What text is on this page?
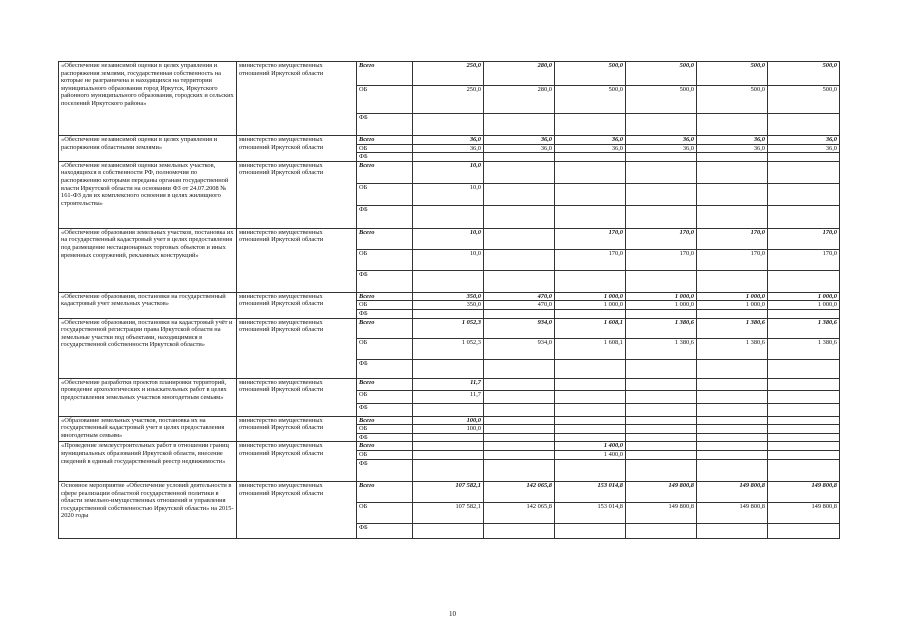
«Обеспечение независимой оценки в целях управления и распоряжения землями, государственная собственность на которые не разграничена и находящихся на территории муниципального образования город Иркутск, Иркутского районного муниципального образования, городских и сельских поселений Иркутского района»	министерство имущественных отношений Иркутской области	Всего	250,0	280,0	500,0	500,0	500,0	500,0
		ОБ	250,0	280,0	500,0	500,0	500,0	500,0
		ФБ						
«Обеспечение независимой оценки в целях управления и распоряжения областными землями»	министерство имущественных отношений Иркутской области	Всего	36,0	36,0	36,0	36,0	36,0	36,0
		ОБ	36,0	36,0	36,0	36,0	36,0	36,0
		ФБ						
«Обеспечение независимой оценки земельных участков, находящихся в собственности РФ, полномочия по распоряжению которыми переданы органам государственной власти Иркутской области на основании ФЗ от 24.07.2008 № 161-ФЗ для их комплексного освоения в целях жилищного строительства»	министерство имущественных отношений Иркутской области	Всего	10,0					
		ОБ	10,0					
		ФБ						
«Обеспечение образования земельных участков, постановка их на государственный кадастровый учет в целях предоставления под размещение нестационарных торговых объектов и иных временных сооружений, рекламных конструкций»	министерство имущественных отношений Иркутской области	Всего	10,0		170,0	170,0	170,0	170,0
		ОБ	10,0		170,0	170,0	170,0	170,0
		ФБ						
«Обеспечение образования, постановки на государственный кадастровый учет земельных участков»	министерство имущественных отношений Иркутской области	Всего	350,0	470,0	1 000,0	1 000,0	1 000,0	1 000,0
		ОБ	350,0	470,0	1 000,0	1 000,0	1 000,0	1 000,0
		ФБ						
«Обеспечение образования, постановки на кадастровый учёт и государственной регистрации права Иркутской области на земельные участки под объектами, находящимися в государственной собственности Иркутской области»	министерство имущественных отношений Иркутской области	Всего	1 052,3	934,0	1 608,1	1 380,6	1 380,6	1 380,6
		ОБ	1 052,3	934,0	1 608,1	1 380,6	1 380,6	1 380,6
		ФБ						
«Обеспечение разработки проектов планировки территорий, проведение археологических и изыскательных работ в целях предоставления земельных участков многодетным семьям»	министерство имущественных отношений Иркутской области	Всего	11,7					
		ОБ	11,7					
		ФБ						
«Образование земельных участков, постановка их на государственный кадастровый учет в целях предоставления многодетным семьям»	министерство имущественных отношений Иркутской области	Всего	100,0					
		ОБ	100,0					
		ФБ						
«Проведение землеустроительных работ в отношении границ муниципальных образований Иркутской области, внесение сведений в единый государственный реестр недвижимости»	министерство имущественных отношений Иркутской области	Всего			1 400,0			
		ОБ			1 400,0			
		ФБ						
Основное мероприятие «Обеспечение условий деятельности в сфере реализации областной государственной политики в области земельно-имущественных отношений и управления государственной собственностью Иркутской области» на 2015-2020 годы	министерство имущественных отношений Иркутской области	Всего	107 582,1	142 065,8	153 014,8	149 800,8	149 800,8	149 800,8
		ОБ	107 582,1	142 065,8	153 014,8	149 800,8	149 800,8	149 800,8
		ФБ						
10
